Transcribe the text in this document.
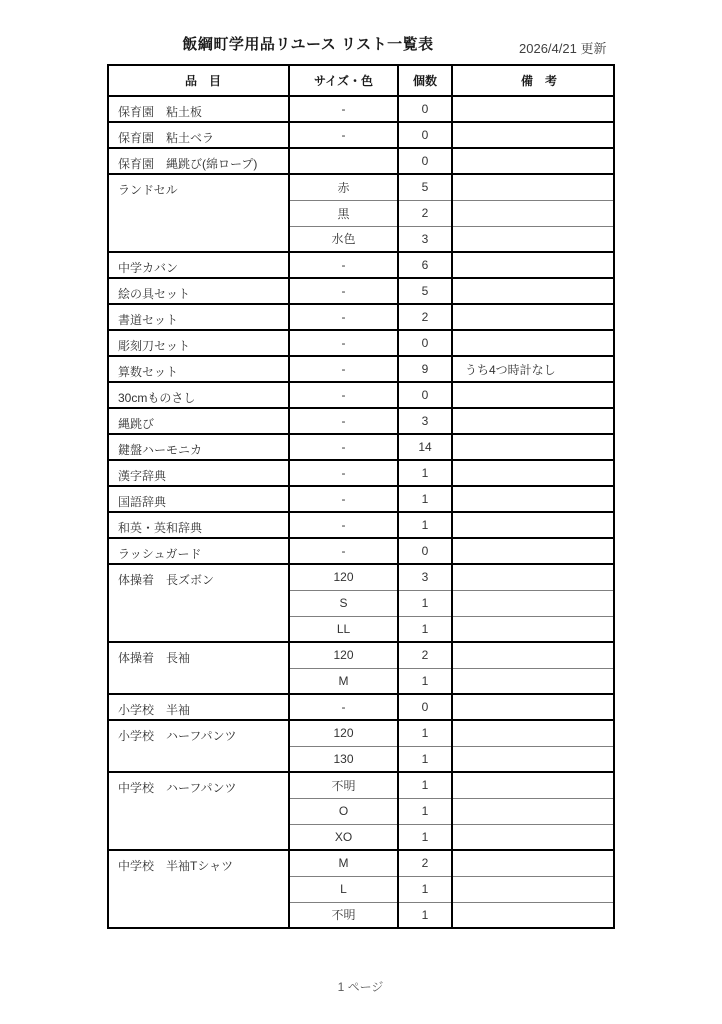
飯綱町学用品リユース リスト一覧表	2026/4/21 更新
品　目	サイズ・色	個数	備　考
保育園　粘土板	-	0	
保育園　粘土ベラ	-	0	
保育園　縄跳び(綿ロープ)		0	
ランドセル	赤	5	
	黒	2	
	水色	3	
中学カバン	-	6	
絵の具セット	-	5	
書道セット	-	2	
彫刻刀セット	-	0	
算数セット	-	9	うち4つ時計なし
30cmものさし	-	0	
縄跳び	-	3	
鍵盤ハーモニカ	-	14	
漢字辞典	-	1	
国語辞典	-	1	
和英・英和辞典	-	1	
ラッシュガード	-	0	
体操着　長ズボン	120	3	
	S	1	
	LL	1	
体操着　長袖	120	2	
	M	1	
小学校　半袖	-	0	
小学校　ハーフパンツ	120	1	
	130	1	
中学校　ハーフパンツ	不明	1	
	O	1	
	XO	1	
中学校　半袖Tシャツ	M	2	
	L	1	
	不明	1	
1 ページ
